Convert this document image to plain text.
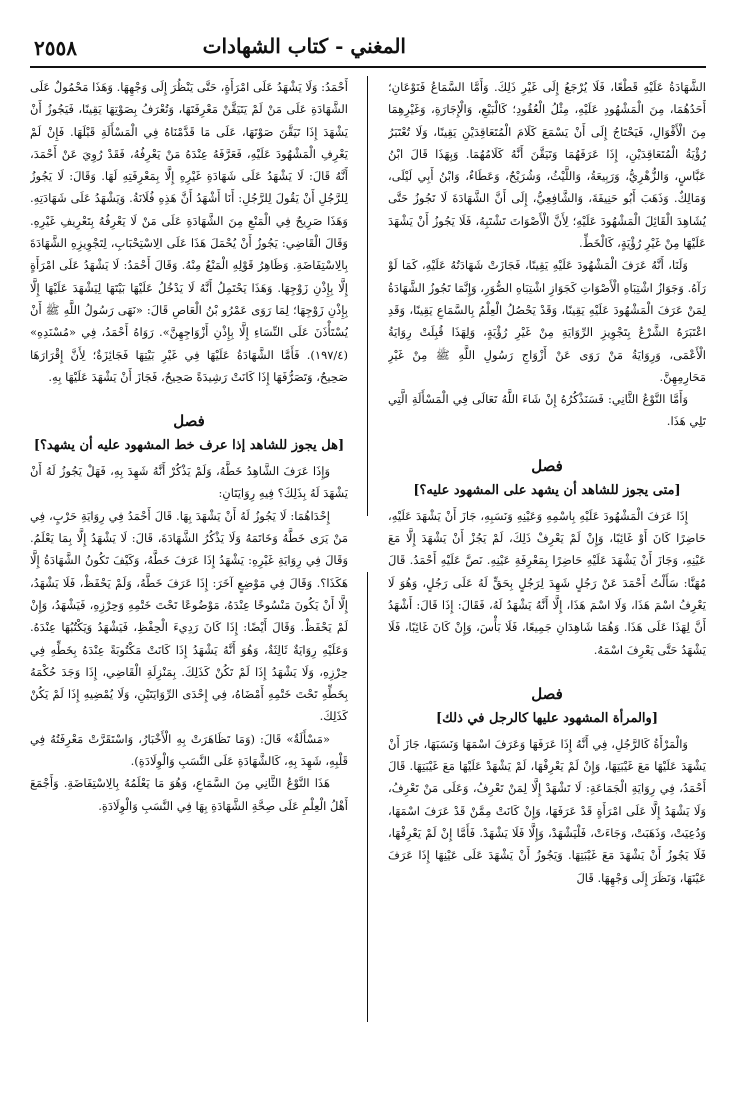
٢٥٥٨	المغني - كتاب الشهادات

الشَّهَادَةُ عَلَيْهِ قَطْعًا، فَلَا يُرْجَعُ إِلَى غَيْرِ ذَلِكَ. وَأَمَّا السَّمَاعُ فَنَوْعَانِ؛ أَحَدُهُمَا، مِنَ الْمَشْهُودِ عَلَيْهِ، مِثْلُ الْعُقُودِ؛ كَالْبَيْعِ، وَالْإِجَارَةِ، وَغَيْرِهِمَا مِنَ الْأَقْوَالِ، فَيَحْتَاجُ إِلَى أَنْ يَسْمَعَ كَلَامَ الْمُتَعَاقِدَيْنِ يَقِينًا، وَلَا تُعْتَبَرُ رُؤْيَةُ الْمُتَعَاقِدَيْنِ، إِذَا عَرَفَهُمَا وَتَيَقَّنَ أَنَّهُ كَلَامُهُمَا. وَبِهَذَا قَالَ ابْنُ عَبَّاسٍ، وَالزُّهْرِيُّ، وَرَبِيعَةُ، وَاللَّيْثُ، وَشُرَيْحٌ، وَعَطَاءٌ، وَابْنُ أَبِي لَيْلَى، وَمَالِكٌ. وَذَهَبَ أَبُو حَنِيفَةَ، وَالشَّافِعِيُّ، إِلَى أَنَّ الشَّهَادَةَ لَا تَجُوزُ حَتَّى يُشَاهِدَ الْقَائِلَ الْمَشْهُودَ عَلَيْهِ؛ لِأَنَّ الْأَصْوَاتَ تَشْتَبِهُ، فَلَا يَجُوزُ أَنْ يَشْهَدَ عَلَيْهَا مِنْ غَيْرِ رُؤْيَةٍ، كَالْخَطِّ.

وَلَنَا، أَنَّهُ عَرَفَ الْمَشْهُودَ عَلَيْهِ يَقِينًا، فَجَازَتْ شَهَادَتُهُ عَلَيْهِ، كَمَا لَوْ رَآهُ. وَجَوَازُ اشْتِبَاهِ الْأَصْوَاتِ كَجَوَازِ اشْتِبَاهِ الصُّوَرِ، وَإِنَّمَا تَجُوزُ الشَّهَادَةُ لِمَنْ عَرَفَ الْمَشْهُودَ عَلَيْهِ يَقِينًا، وَقَدْ يَحْصُلُ الْعِلْمُ بِالسَّمَاعِ يَقِينًا، وَقَدِ اعْتَبَرَهُ الشَّرْعُ بِتَجْوِيزِ الرِّوَايَةِ مِنْ غَيْرِ رُؤْيَةٍ، وَلِهَذَا قُبِلَتْ رِوَايَةُ الْأَعْمَى، وَرِوَايَةُ مَنْ رَوَى عَنْ أَزْوَاجِ رَسُولِ اللَّهِ ﷺ مِنْ غَيْرِ مَحَارِمِهِنَّ.

وَأَمَّا النَّوْعُ الثَّانِي: فَسَنَذْكُرُهُ إِنْ شَاءَ اللَّهُ تَعَالَى فِي الْمَسْأَلَةِ الَّتِي تَلِي هَذَا.

فصل
[متى يجوز للشاهد أن يشهد على المشهود عليه؟]

إِذَا عَرَفَ الْمَشْهُودَ عَلَيْهِ بِاسْمِهِ وَعَيْنِهِ وَنَسَبِهِ، جَازَ أَنْ يَشْهَدَ عَلَيْهِ، حَاضِرًا كَانَ أَوْ غَائِبًا، وَإِنْ لَمْ يَعْرِفْ ذَلِكَ، لَمْ يَجُزْ أَنْ يَشْهَدَ إِلَّا مَعَ عَيْنِهِ، وَجَازَ أَنْ يَشْهَدَ عَلَيْهِ حَاضِرًا بِمَعْرِفَةِ عَيْنِهِ. نَصَّ عَلَيْهِ أَحْمَدُ. قَالَ مُهَنَّا: سَأَلْتُ أَحْمَدَ عَنْ رَجُلٍ شَهِدَ لِرَجُلٍ بِحَقٍّ لَهُ عَلَى رَجُلٍ، وَهُوَ لَا يَعْرِفُ اسْمَ هَذَا، وَلَا اسْمَ هَذَا، إِلَّا أَنَّهُ يَشْهَدُ لَهُ، فَقَالَ: إِذَا قَالَ: أَشْهَدُ أَنَّ لِهَذَا عَلَى هَذَا. وَهُمَا شَاهِدَانِ جَمِيعًا، فَلَا بَأْسَ، وَإِنْ كَانَ غَائِبًا، فَلَا يَشْهَدُ حَتَّى يَعْرِفَ اسْمَهُ.

فصل
[والمرأة المشهود عليها كالرجل في ذلك]

وَالْمَرْأَةُ كَالرَّجُلِ، فِي أَنَّهُ إِذَا عَرَفَهَا وَعَرَفَ اسْمَهَا وَنَسَبَهَا، جَازَ أَنْ يَشْهَدَ عَلَيْهَا مَعَ غَيْبَتِهَا، وَإِنْ لَمْ يَعْرِفْهَا، لَمْ يَشْهَدْ عَلَيْهَا مَعَ غَيْبَتِهَا. قَالَ أَحْمَدُ، فِي رِوَايَةِ الْجَمَاعَةِ: لَا تَشْهَدْ إِلَّا لِمَنْ تَعْرِفُ، وَعَلَى مَنْ تَعْرِفُ، وَلَا يَشْهَدُ إِلَّا عَلَى امْرَأَةٍ قَدْ عَرَفَهَا، وَإِنْ كَانَتْ مِمَّنْ قَدْ عَرَفَ اسْمَهَا، وَدُعِيَتْ، وَذَهَبَتْ، وَجَاءَتْ، فَلْيَشْهَدْ، وَإِلَّا فَلَا يَشْهَدْ. فَأَمَّا إِنْ لَمْ يَعْرِفْهَا، فَلَا يَجُوزُ أَنْ يَشْهَدَ مَعَ غَيْبَتِهَا. وَيَجُوزُ أَنْ يَشْهَدَ عَلَى عَيْنِهَا إِذَا عَرَفَ عَيْنَهَا، وَنَظَرَ إِلَى وَجْهِهَا. قَالَ

أَحْمَدُ: وَلَا يَشْهَدُ عَلَى امْرَأَةٍ، حَتَّى يَنْظُرَ إِلَى وَجْهِهَا. وَهَذَا مَحْمُولٌ عَلَى الشَّهَادَةِ عَلَى مَنْ لَمْ يَتَيَقَّنْ مَعْرِفَتَهَا، وَتُعْرَفُ بِصَوْتِهَا يَقِينًا، فَيَجُوزُ أَنْ يَشْهَدَ إِذَا تَيَقَّنَ صَوْتَهَا، عَلَى مَا قَدَّمْنَاهُ فِي الْمَسْأَلَةِ قَبْلَهَا. فَإِنْ لَمْ يَعْرِفِ الْمَشْهُودَ عَلَيْهِ، فَعَرَّفَهُ عِنْدَهُ مَنْ يَعْرِفُهُ، فَقَدْ رُوِيَ عَنْ أَحْمَدَ، أَنَّهُ قَالَ: لَا يَشْهَدُ عَلَى شَهَادَةِ غَيْرِهِ إِلَّا بِمَعْرِفَتِهِ لَهَا. وَقَالَ: لَا يَجُوزُ لِلرَّجُلِ أَنْ يَقُولَ لِلرَّجُلِ: أَنَا أَشْهَدُ أَنَّ هَذِهِ فُلَانَةُ. وَيَشْهَدُ عَلَى شَهَادَتِهِ. وَهَذَا صَرِيحٌ فِي الْمَنْعِ مِنَ الشَّهَادَةِ عَلَى مَنْ لَا يَعْرِفُهُ بِتَعْرِيفِ غَيْرِهِ. وَقَالَ الْقَاضِي: يَجُوزُ أَنْ يُحْمَلَ هَذَا عَلَى الِاسْتِحْبَابِ، لِتَجْوِيزِهِ الشَّهَادَةَ بِالِاسْتِفَاضَةِ. وَظَاهِرُ قَوْلِهِ الْمَنْعُ مِنْهُ. وَقَالَ أَحْمَدُ: لَا يَشْهَدُ عَلَى امْرَأَةٍ إِلَّا بِإِذْنِ زَوْجِهَا. وَهَذَا يَحْتَمِلُ أَنَّهُ لَا يَدْخُلُ عَلَيْهَا بَيْتَهَا لِيَشْهَدَ عَلَيْهَا إِلَّا بِإِذْنِ زَوْجِهَا؛ لِمَا رَوَى عَمْرُو بْنُ الْعَاصِ قَالَ: «نَهَى رَسُولُ اللَّهِ ﷺ أَنْ يُسْتَأْذَنَ عَلَى النِّسَاءِ إِلَّا بِإِذْنِ أَزْوَاجِهِنَّ». رَوَاهُ أَحْمَدُ، فِي «مُسْنَدِهِ» (١٩٧/٤). فَأَمَّا الشَّهَادَةُ عَلَيْهَا فِي غَيْرِ بَيْتِهَا فَجَائِزَةٌ؛ لِأَنَّ إِقْرَارَهَا صَحِيحٌ، وَتَصَرُّفَهَا إِذَا كَانَتْ رَشِيدَةً صَحِيحٌ، فَجَازَ أَنْ يَشْهَدَ عَلَيْهَا بِهِ.

فصل
[هل يجوز للشاهد إذا عرف خط المشهود عليه أن يشهد؟]

وَإِذَا عَرَفَ الشَّاهِدُ خَطَّهُ، وَلَمْ يَذْكُرْ أَنَّهُ شَهِدَ بِهِ، فَهَلْ يَجُوزُ لَهُ أَنْ يَشْهَدَ لَهُ بِذَلِكَ؟ فِيهِ رِوَايَتَانِ:

إِحْدَاهُمَا: لَا يَجُوزُ لَهُ أَنْ يَشْهَدَ بِهَا. قَالَ أَحْمَدُ فِي رِوَايَةِ حَرْبٍ، فِي مَنْ يَرَى خَطَّهُ وَخَاتَمَهُ وَلَا يَذْكُرُ الشَّهَادَةَ، قَالَ: لَا يَشْهَدُ إِلَّا بِمَا يَعْلَمُ. وَقَالَ فِي رِوَايَةِ غَيْرِهِ: يَشْهَدُ إِذَا عَرَفَ خَطَّهُ، وَكَيْفَ تَكُونُ الشَّهَادَةُ إِلَّا هَكَذَا؟. وَقَالَ فِي مَوْضِعٍ آخَرَ: إِذَا عَرَفَ خَطَّهُ، وَلَمْ يَحْفَظْ، فَلَا يَشْهَدُ، إِلَّا أَنْ يَكُونَ مَنْسُوخًا عِنْدَهُ، مَوْضُوعًا تَحْتَ خَتْمِهِ وَحِرْزِهِ، فَيَشْهَدُ، وَإِنْ لَمْ يَحْفَظْ. وَقَالَ أَيْضًا: إِذَا كَانَ رَدِيءَ الْحِفْظِ، فَيَشْهَدُ وَيَكْتُبُهَا عِنْدَهُ. وَعَلَيْهِ رِوَايَةٌ ثَالِثَةٌ، وَهُوَ أَنَّهُ يَشْهَدُ إِذَا كَانَتْ مَكْتُوبَةً عِنْدَهُ بِخَطِّهِ فِي حِرْزِهِ، وَلَا يَشْهَدُ إِذَا لَمْ تَكُنْ كَذَلِكَ. بِمَنْزِلَةِ الْقَاضِي، إِذَا وَجَدَ حُكْمَهُ بِخَطِّهِ تَحْتَ خَتْمِهِ أَمْضَاهُ، فِي إِحْدَى الرِّوَايَتَيْنِ، وَلَا يُمْضِيهِ إِذَا لَمْ يَكُنْ كَذَلِكَ.

«مَسْأَلَةٌ» قَالَ: (وَمَا تَظَاهَرَتْ بِهِ الْأَخْبَارُ، وَاسْتَقَرَّتْ مَعْرِفَتُهُ فِي قَلْبِهِ، شَهِدَ بِهِ، كَالشَّهَادَةِ عَلَى النَّسَبِ وَالْوِلَادَةِ).

هَذَا النَّوْعُ الثَّانِي مِنَ السَّمَاعِ، وَهُوَ مَا يَعْلَمُهُ بِالِاسْتِفَاضَةِ. وَأَجْمَعَ أَهْلُ الْعِلْمِ عَلَى صِحَّةِ الشَّهَادَةِ بِهَا فِي النَّسَبِ وَالْوِلَادَةِ.
